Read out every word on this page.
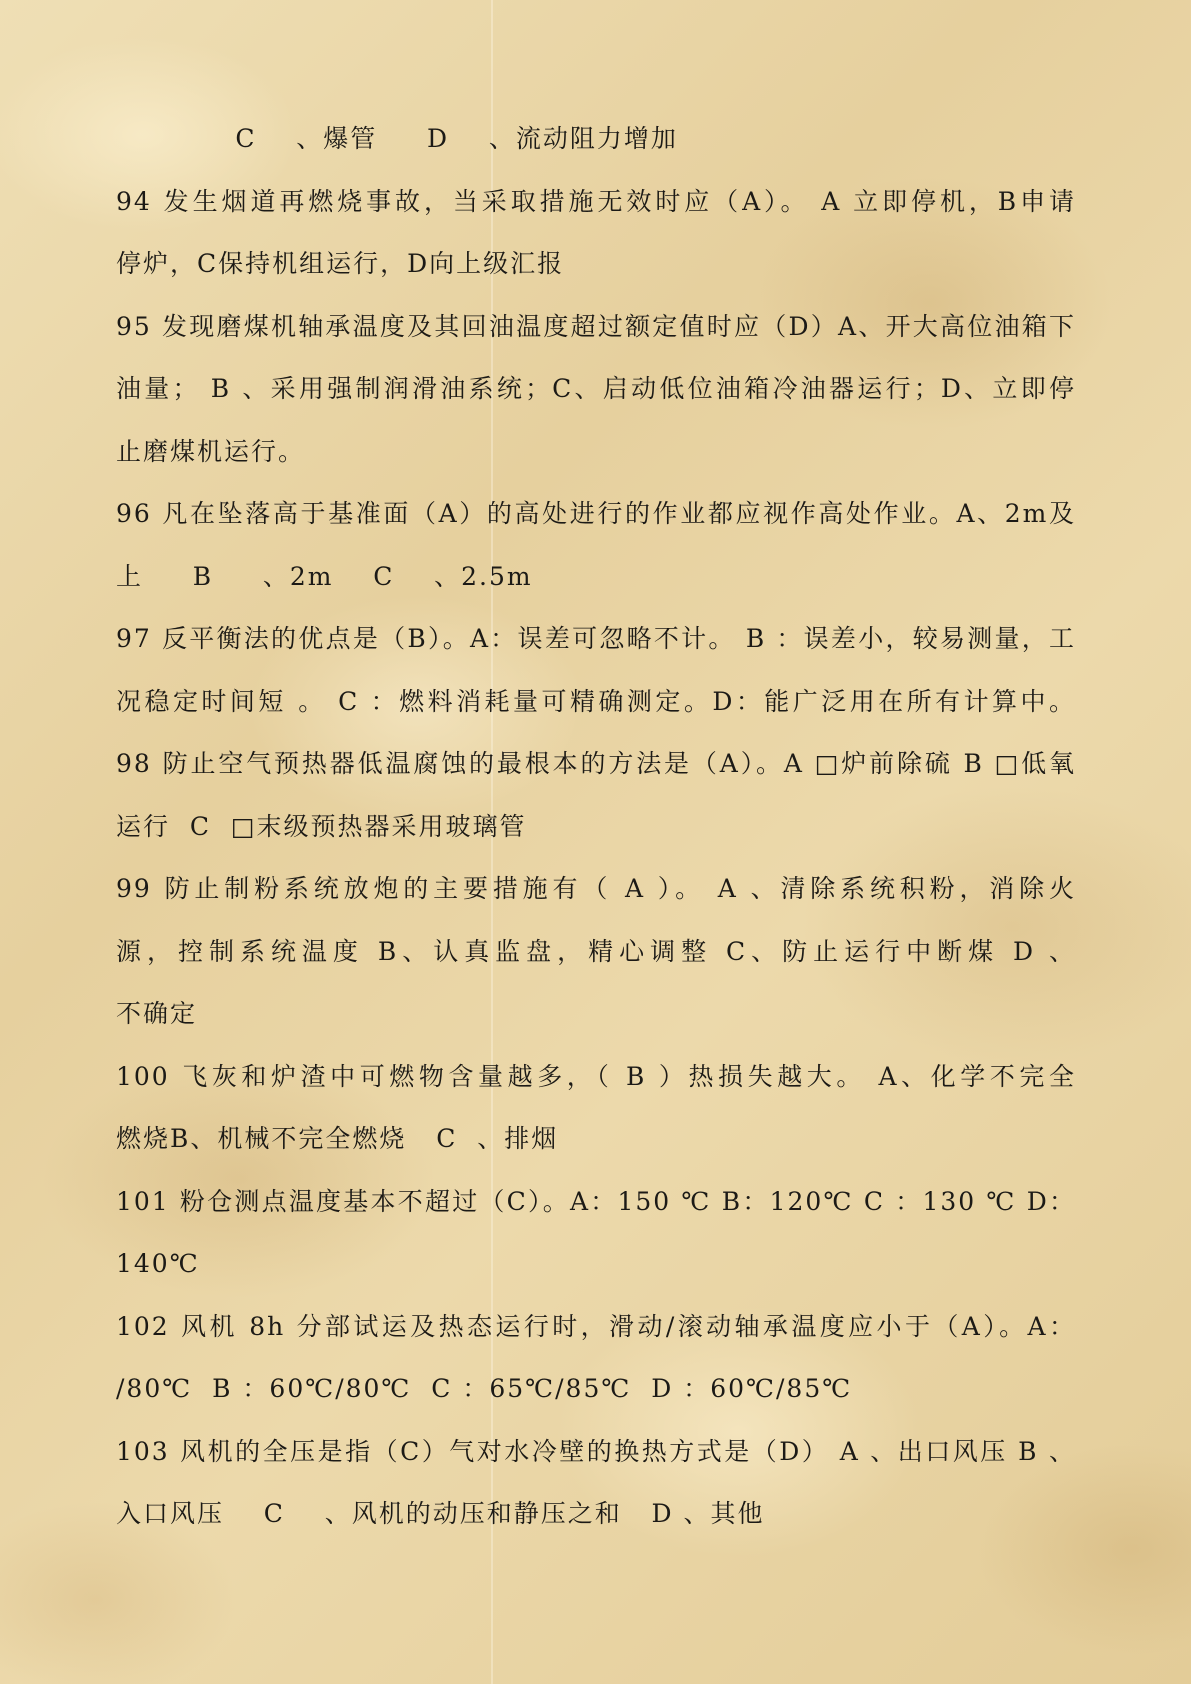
C    、爆管     D    、流动阻力增加
94 发生烟道再燃烧事故，当采取措施无效时应（A）。 A 立即停机，B申请
停炉，C保持机组运行，D向上级汇报
95 发现磨煤机轴承温度及其回油温度超过额定值时应（D）A、开大高位油箱下
油量； B 、采用强制润滑油系统；C、启动低位油箱冷油器运行；D、立即停
止磨煤机运行。
96 凡在坠落高于基准面（A）的高处进行的作业都应视作高处作业。A、2m及
上     B     、2m    C    、2.5m
97 反平衡法的优点是（B）。A：误差可忽略不计。 B ：误差小，较易测量，工
况稳定时间短 。 C ：燃料消耗量可精确测定。D：能广泛用在所有计算中。
98 防止空气预热器低温腐蚀的最根本的方法是（A）。A □炉前除硫 B □低氧
运行  C  □末级预热器采用玻璃管
99 防止制粉系统放炮的主要措施有（ A ）。 A 、清除系统积粉，消除火
源，控制系统温度 B、认真监盘，精心调整 C、防止运行中断煤 D 、
不确定
100 飞灰和炉渣中可燃物含量越多，（ B ）热损失越大。 A、化学不完全
燃烧B、机械不完全燃烧   C  、排烟
101 粉仓测点温度基本不超过（C）。A：150 ℃ B：120℃ C ：130 ℃ D：
140℃
102 风机 8h 分部试运及热态运行时，滑动/滚动轴承温度应小于（A）。A：
/80℃  B ：60℃/80℃  C ：65℃/85℃  D ：60℃/85℃
103 风机的全压是指（C）气对水冷壁的换热方式是（D） A 、出口风压 B 、
入口风压    C    、风机的动压和静压之和   D 、其他
